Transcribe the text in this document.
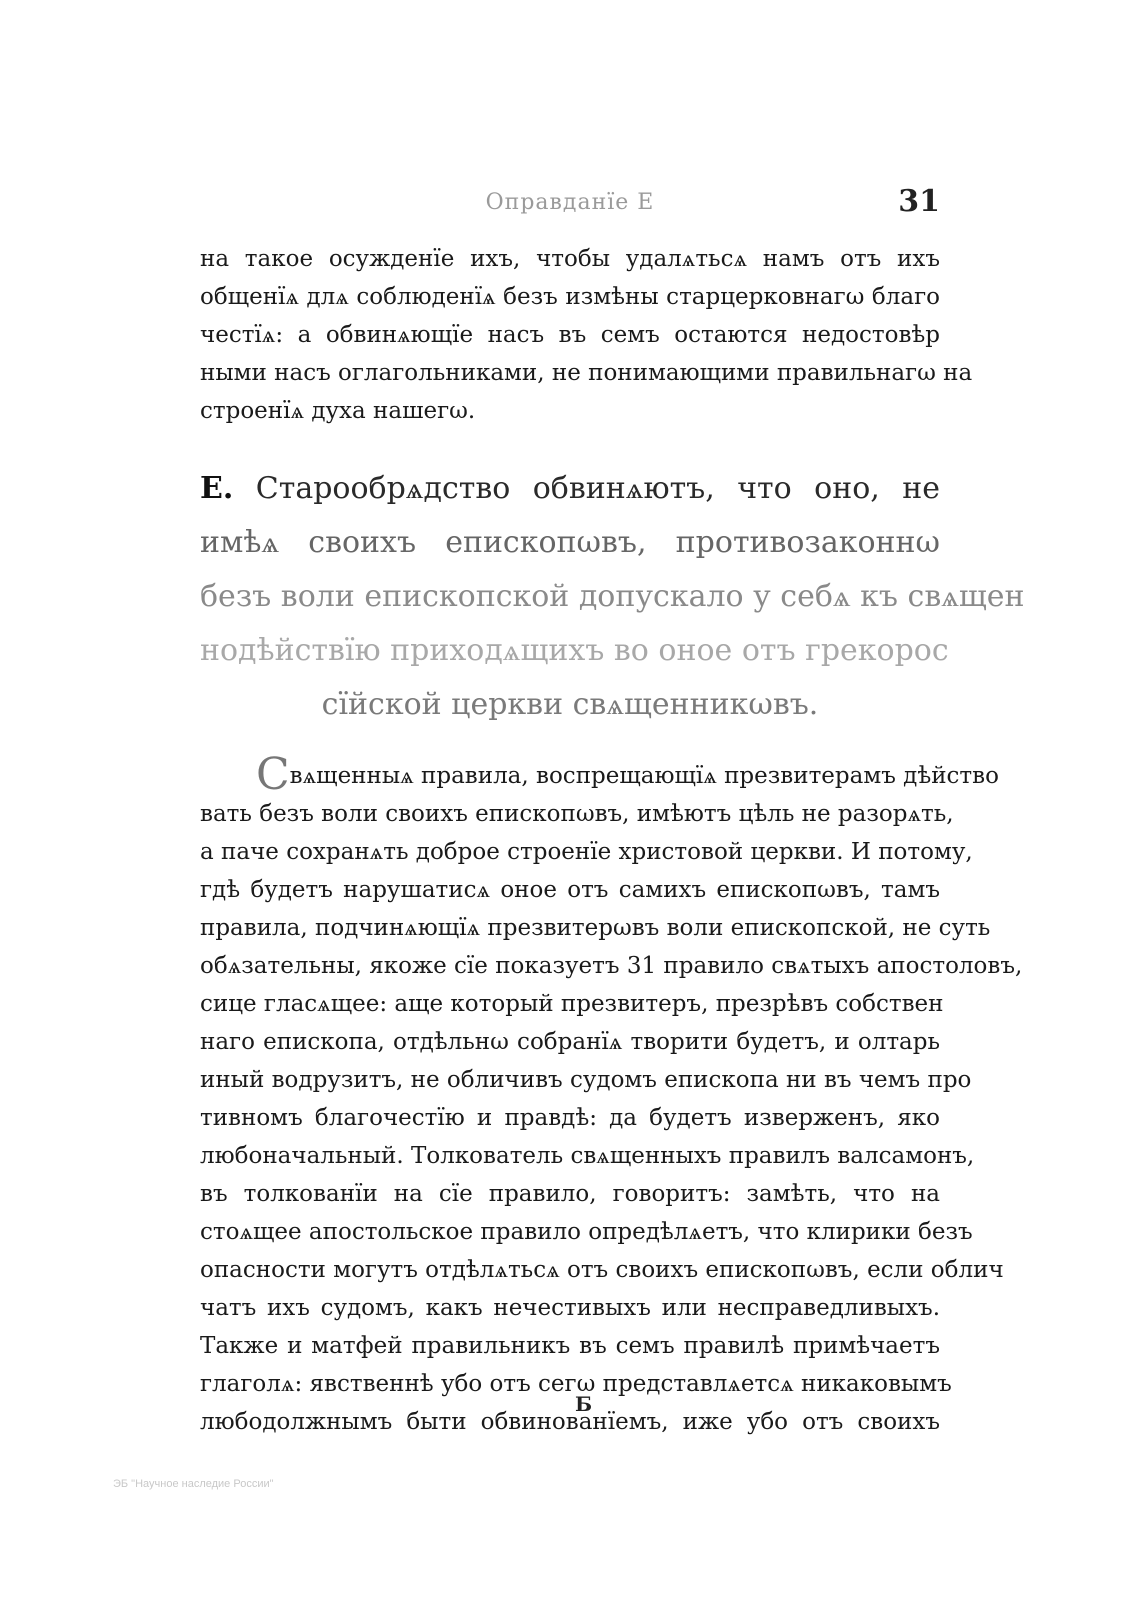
Оправданїе Е	31
на такое осужденїе ихъ, чтобы удалѧтьсѧ намъ отъ ихъ
общенїѧ длѧ соблюденїѧ безъ измѣны старцерковнагω благо
честїѧ: а обвинѧющїе насъ въ семъ остаются недостовѣр
ными насъ оглагольниками, не понимающими правильнагω на
строенїѧ духа нашегω.
Е. Старообрѧдство обвинѧютъ, что оно, не
имѣѧ своихъ епископωвъ, противозаконнω
безъ воли епископской допускало у себѧ къ свѧщен
нодѣйствїю приходѧщихъ во оное отъ грекорос
сїйской церкви свѧщенникωвъ.
Свѧщенныѧ правила, воспрещающїѧ презвитерамъ дѣйство
вать безъ воли своихъ епископωвъ, имѣютъ цѣль не разорѧть,
а паче сохранѧть доброе строенїе христовой церкви. И потому,
гдѣ будетъ нарушатисѧ оное отъ самихъ епископωвъ, тамъ
правила, подчинѧющїѧ презвитерωвъ воли епископской, не суть
обѧзательны, якоже сїе показуетъ 31 правило свѧтыхъ апостоловъ,
сице гласѧщее: аще который презвитеръ, презрѣвъ собствен
наго епископа, отдѣльнω собранїѧ творити будетъ, и олтарь
иный водрузитъ, не обличивъ судомъ епископа ни въ чемъ про
тивномъ благочестїю и правдѣ: да будетъ изверженъ, яко
любоначальный. Толкователь свѧщенныхъ правилъ валсамонъ,
въ толкованїи на сїе правило, говоритъ: замѣть, что на
стоѧщее апостольское правило опредѣлѧетъ, что клирики безъ
опасности могутъ отдѣлѧтьсѧ отъ своихъ епископωвъ, если облич
чатъ ихъ судомъ, какъ нечестивыхъ или несправедливыхъ.
Также и матфей правильникъ въ семъ правилѣ примѣчаетъ
глаголѧ: явственнѣ убо отъ сегω представлѧетсѧ никаковымъ
любодолжнымъ быти обвинованїемъ, иже убо отъ своихъ
Б
ЭБ "Научное наследие России"
